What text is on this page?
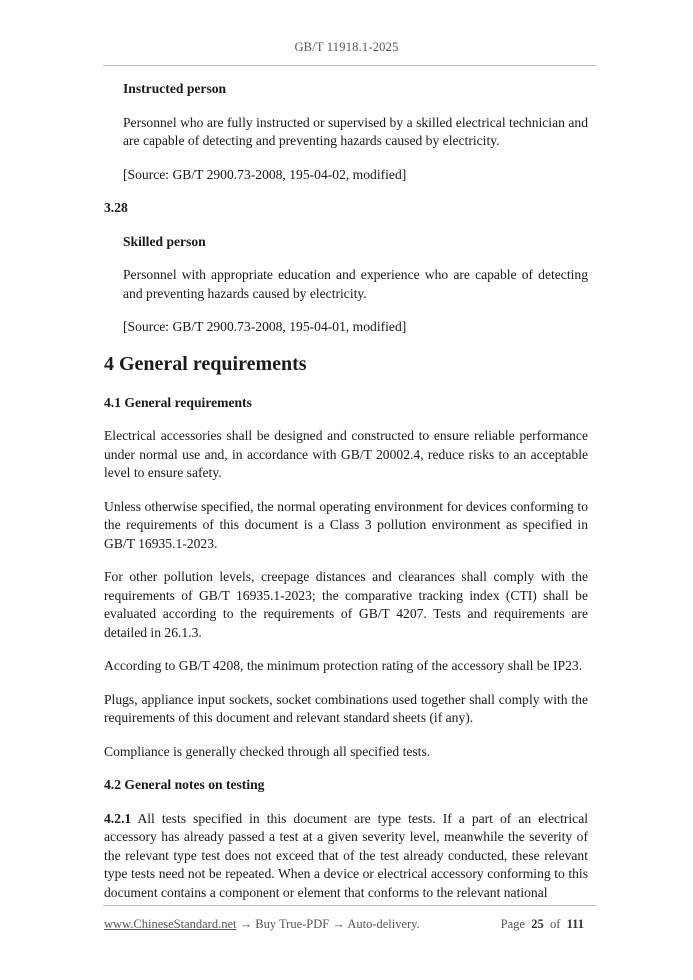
GB/T 11918.1-2025

Instructed person

Personnel who are fully instructed or supervised by a skilled electrical technician and are capable of detecting and preventing hazards caused by electricity.

[Source: GB/T 2900.73-2008, 195-04-02, modified]

3.28

Skilled person

Personnel with appropriate education and experience who are capable of detecting and preventing hazards caused by electricity.

[Source: GB/T 2900.73-2008, 195-04-01, modified]

4 General requirements

4.1 General requirements

Electrical accessories shall be designed and constructed to ensure reliable performance under normal use and, in accordance with GB/T 20002.4, reduce risks to an acceptable level to ensure safety.

Unless otherwise specified, the normal operating environment for devices conforming to the requirements of this document is a Class 3 pollution environment as specified in GB/T 16935.1-2023.

For other pollution levels, creepage distances and clearances shall comply with the requirements of GB/T 16935.1-2023; the comparative tracking index (CTI) shall be evaluated according to the requirements of GB/T 4207. Tests and requirements are detailed in 26.1.3.

According to GB/T 4208, the minimum protection rating of the accessory shall be IP23.

Plugs, appliance input sockets, socket combinations used together shall comply with the requirements of this document and relevant standard sheets (if any).

Compliance is generally checked through all specified tests.

4.2 General notes on testing

4.2.1 All tests specified in this document are type tests. If a part of an electrical accessory has already passed a test at a given severity level, meanwhile the severity of the relevant type test does not exceed that of the test already conducted, these relevant type tests need not be repeated. When a device or electrical accessory conforming to this document contains a component or element that conforms to the relevant national

www.ChineseStandard.net → Buy True-PDF → Auto-delivery.	Page 25 of 111
